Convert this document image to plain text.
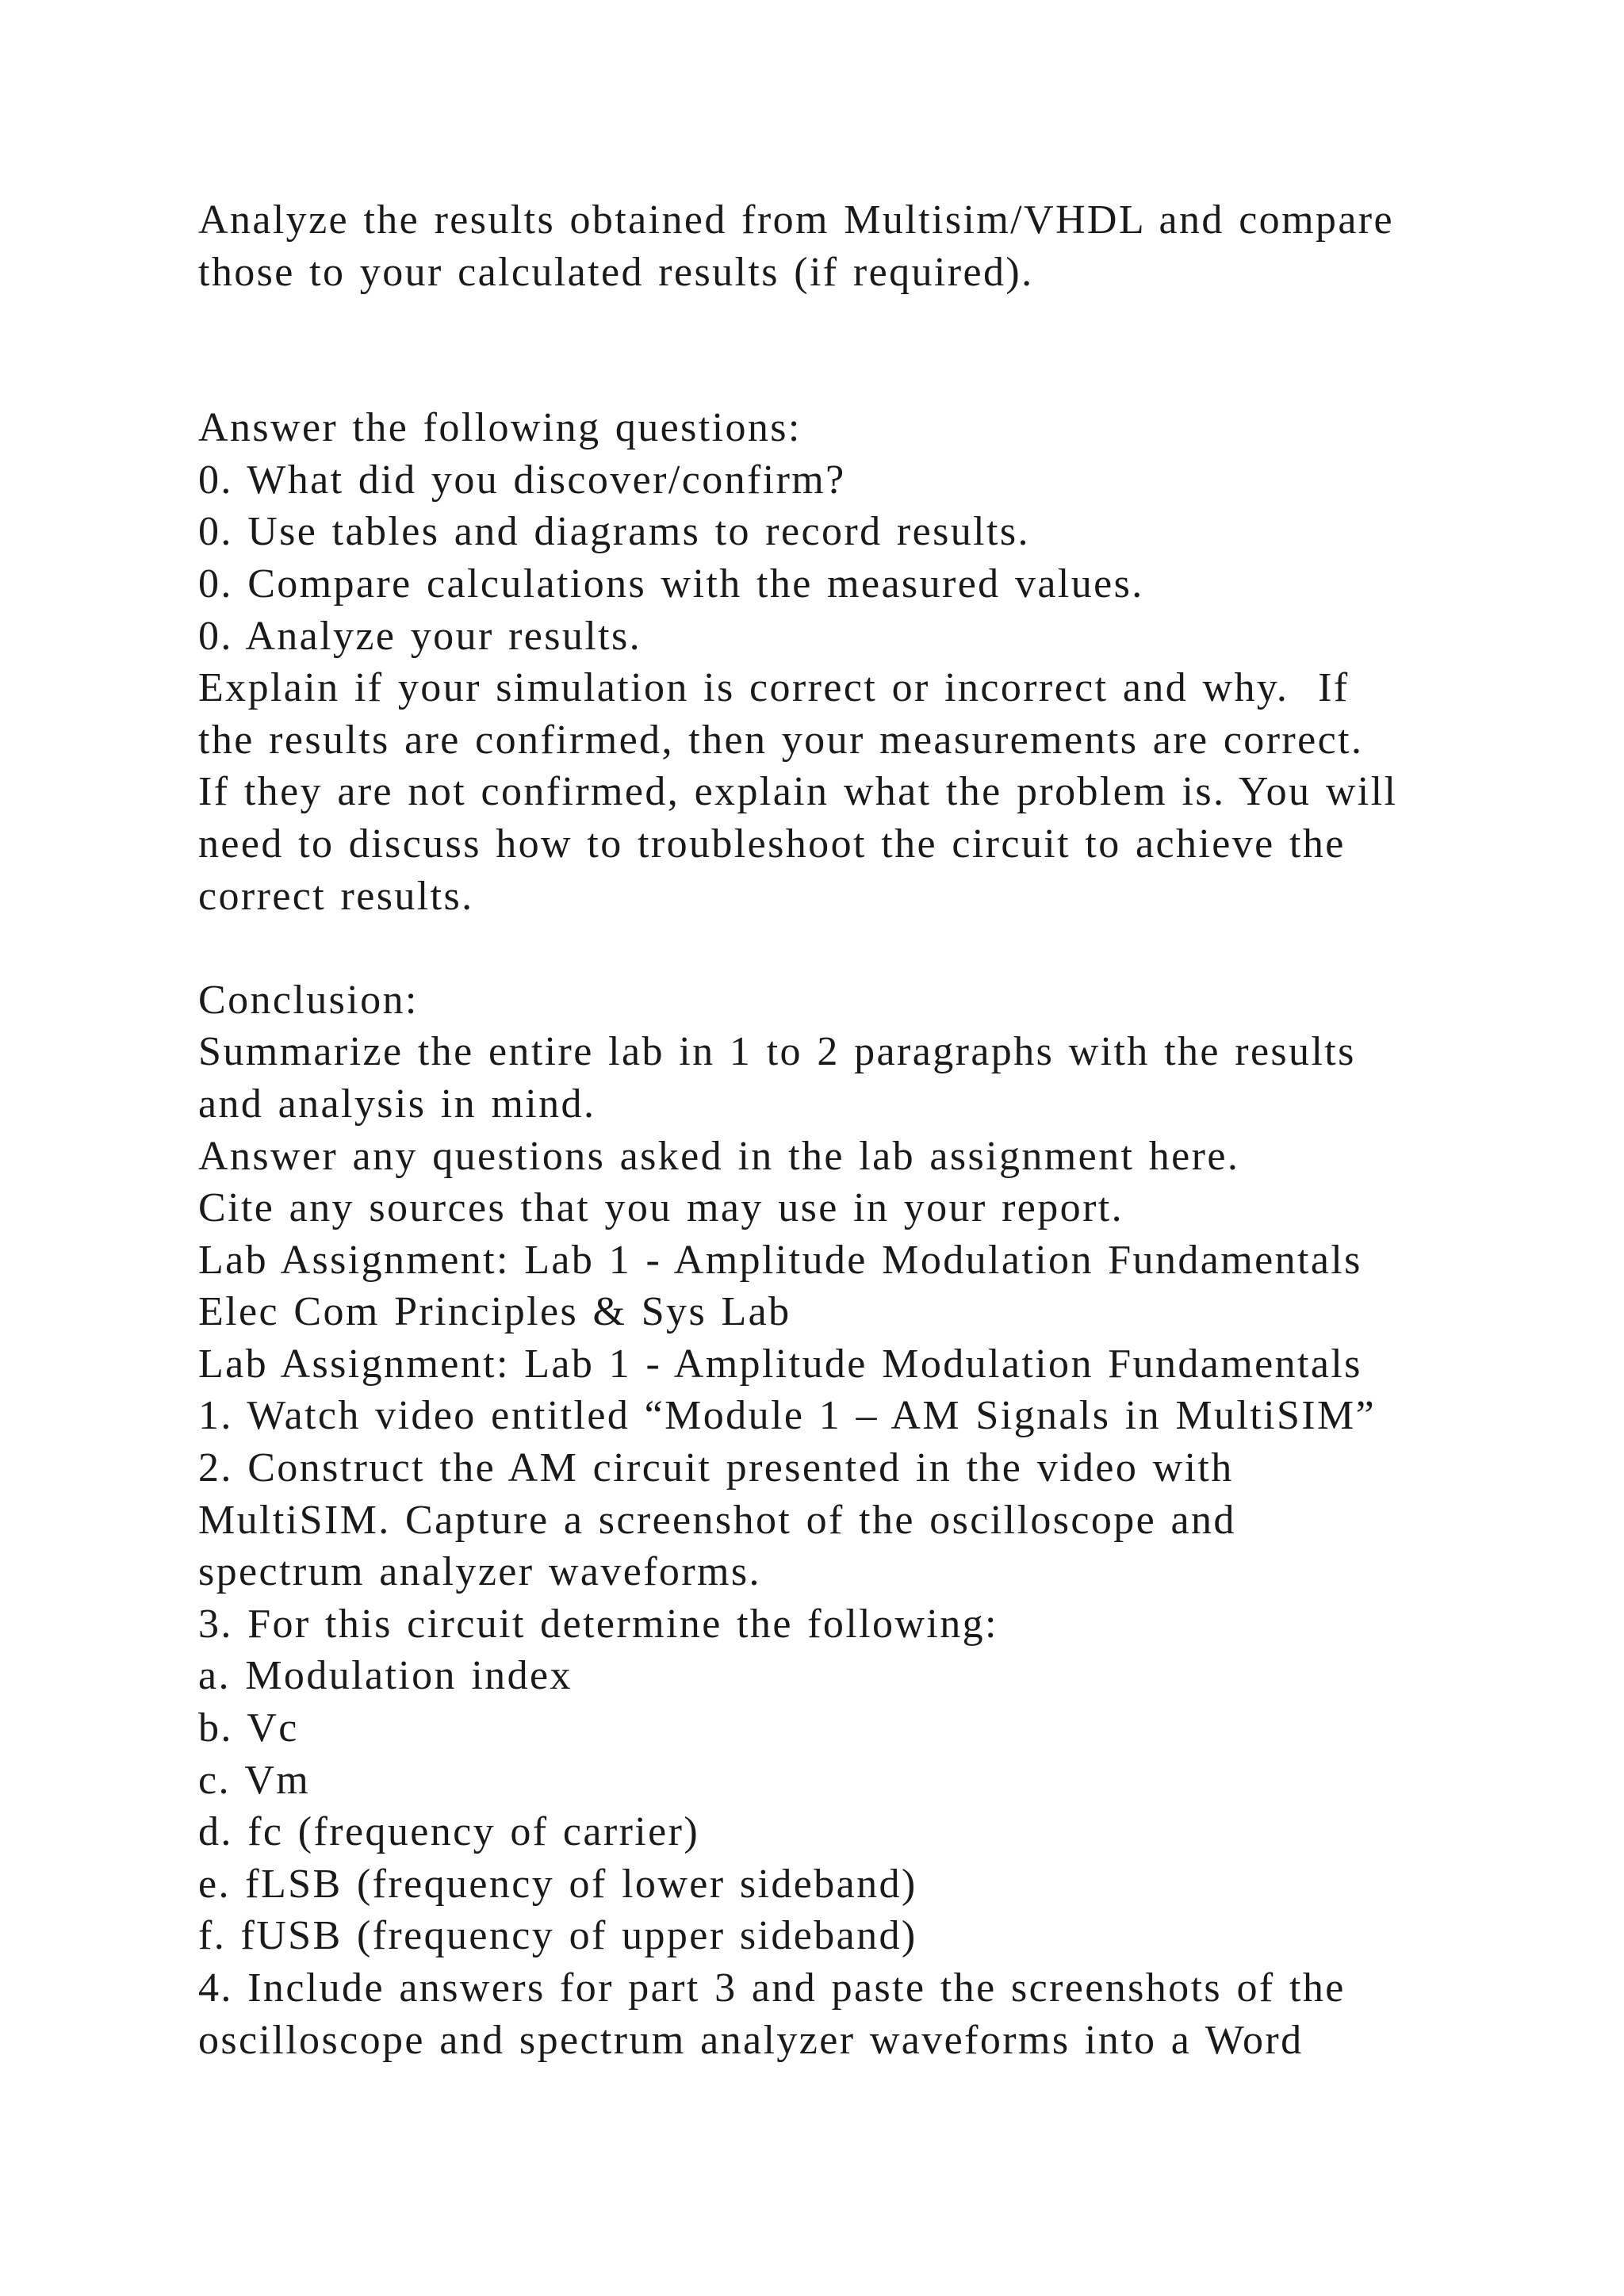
Analyze the results obtained from Multisim/VHDL and compare
those to your calculated results (if required).
Answer the following questions:
0. What did you discover/confirm?
0. Use tables and diagrams to record results.
0. Compare calculations with the measured values.
0. Analyze your results.
Explain if your simulation is correct or incorrect and why.  If
the results are confirmed, then your measurements are correct.
If they are not confirmed, explain what the problem is. You will
need to discuss how to troubleshoot the circuit to achieve the
correct results.
Conclusion:
Summarize the entire lab in 1 to 2 paragraphs with the results
and analysis in mind.
Answer any questions asked in the lab assignment here.
Cite any sources that you may use in your report.
Lab Assignment: Lab 1 - Amplitude Modulation Fundamentals
Elec Com Principles & Sys Lab
Lab Assignment: Lab 1 - Amplitude Modulation Fundamentals
1. Watch video entitled “Module 1 – AM Signals in MultiSIM”
2. Construct the AM circuit presented in the video with
MultiSIM. Capture a screenshot of the oscilloscope and
spectrum analyzer waveforms.
3. For this circuit determine the following:
a. Modulation index
b. Vc
c. Vm
d. fc (frequency of carrier)
e. fLSB (frequency of lower sideband)
f. fUSB (frequency of upper sideband)
4. Include answers for part 3 and paste the screenshots of the
oscilloscope and spectrum analyzer waveforms into a Word
